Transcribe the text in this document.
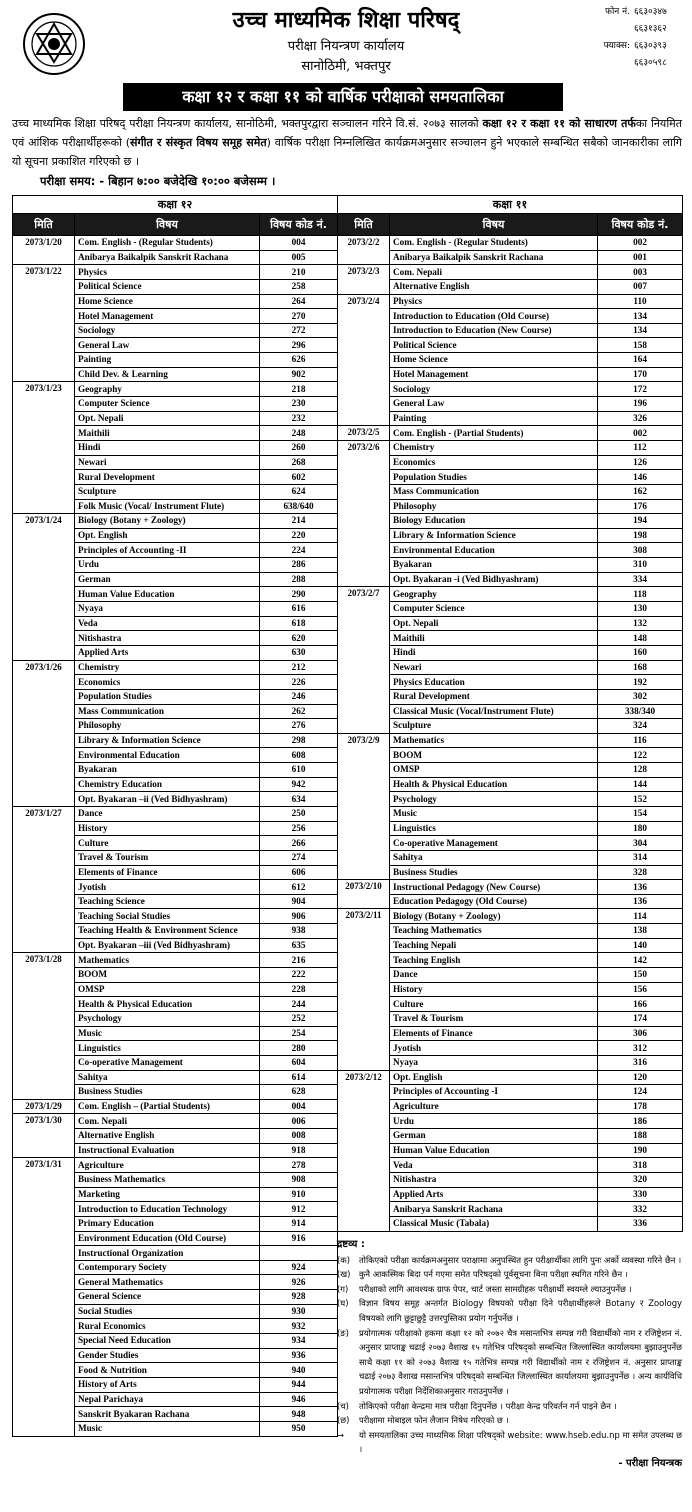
उच्च माध्यमिक शिक्षा परिषद्
परीक्षा नियन्त्रण कार्यालय
सानोठिमी, भक्तपुर
फोन नं. ६६३०३४७
६६३१३६२
फ्याक्स: ६६३०३९३
६६३०५९८
कक्षा १२ र कक्षा ११ को वार्षिक परीक्षाको समयतालिका
उच्च माध्यमिक शिक्षा परिषद् परीक्षा नियन्त्रण कार्यालय, सानोठिमी, भक्तपुरद्वारा सञ्चालन गरिने वि.सं. २०७३ सालको कक्षा १२ र कक्षा ११ को साधारण तर्फका नियमित एवं आंशिक परीक्षार्थीहरूको (संगीत र संस्कृत विषय समूह समेत) वार्षिक परीक्षा निम्नलिखित कार्यक्रमअनुसार सञ्चालन हुने भएकाले सम्बन्धित सबैको जानकारीका लागि यो सूचना प्रकाशित गरिएको छ ।
परीक्षा समय: - बिहान ७:०० बजेदेखि १०:०० बजेसम्म ।
कक्षा १२		
मिति	विषय	विषय कोड नं.
2073/1/20	Com. English - (Regular Students)	004
	Anibarya Baikalpik Sanskrit Rachana	005
2073/1/22	Physics	210
	Political Science	258
	Home Science	264
	Hotel Management	270
	Sociology	272
	General Law	296
	Painting	626
	Child Dev. & Learning	902
2073/1/23	Geography	218
	Computer Science	230
	Opt. Nepali	232
	Maithili	248
	Hindi	260
	Newari	268
	Rural Development	602
	Sculpture	624
	Folk Music (Vocal/ Instrument Flute)	638/640
2073/1/24	Biology (Botany + Zoology)	214
	Opt. English	220
	Principles of Accounting -II	224
	Urdu	286
	German	288
	Human Value Education	290
	Nyaya	616
	Veda	618
	Nitishastra	620
	Applied Arts	630
2073/1/26	Chemistry	212
	Economics	226
	Population Studies	246
	Mass Communication	262
	Philosophy	276
	Library & Information Science	298
	Environmental Education	608
	Byakaran	610
	Chemistry Education	942
	Opt. Byakaran –ii (Ved Bidhyashram)	634
2073/1/27	Dance	250
	History	256
	Culture	266
	Travel & Tourism	274
	Elements of Finance	606
	Jyotish	612
	Teaching Science	904
	Teaching Social Studies	906
	Teaching Health & Environment Science	938
	Opt. Byakaran –iii (Ved Bidhyashram)	635
2073/1/28	Mathematics	216
	BOOM	222
	OMSP	228
	Health & Physical Education	244
	Psychology	252
	Music	254
	Linguistics	280
	Co-operative Management	604
	Sahitya	614
	Business Studies	628
2073/1/29	Com. English – (Partial Students)	004
2073/1/30	Com. Nepali	006
	Alternative English	008
	Instructional Evaluation	918
2073/1/31	Agriculture	278
	Business Mathematics	908
	Marketing	910
	Introduction to Education Technology	912
	Primary Education	914
	Environment Education (Old Course)	916
	Instructional Organization	
	Contemporary Society	924
	General Mathematics	926
	General Science	928
	Social Studies	930
	Rural Economics	932
	Special Need Education	934
	Gender Studies	936
	Food & Nutrition	940
	History of Arts	944
	Nepal Parichaya	946
	Sanskrit Byakaran Rachana	948
	Music	950
कक्षा ११		
मिति	विषय	विषय कोड नं.
2073/2/2	Com. English - (Regular Students)	002
	Anibarya Baikalpik Sanskrit Rachana	001
2073/2/3	Com. Nepali	003
	Alternative English	007
2073/2/4	Physics	110
	Introduction to Education (Old Course)	134
	Introduction to Education (New Course)	134
	Political Science	158
	Home Science	164
	Hotel Management	170
	Sociology	172
	General Law	196
	Painting	326
2073/2/5	Com. English - (Partial Students)	002
2073/2/6	Chemistry	112
	Economics	126
	Population Studies	146
	Mass Communication	162
	Philosophy	176
	Biology Education	194
	Library & Information Science	198
	Environmental Education	308
	Byakaran	310
	Opt. Byakaran -i (Ved Bidhyashram)	334
2073/2/7	Geography	118
	Computer Science	130
	Opt. Nepali	132
	Maithili	148
	Hindi	160
	Newari	168
	Physics Education	192
	Rural Development	302
	Classical Music (Vocal/Instrument Flute)	338/340
	Sculpture	324
2073/2/9	Mathematics	116
	BOOM	122
	OMSP	128
	Health & Physical Education	144
	Psychology	152
	Music	154
	Linguistics	180
	Co-operative Management	304
	Sahitya	314
	Business Studies	328
2073/2/10	Instructional Pedagogy (New Course)	136
	Education Pedagogy (Old Course)	136
2073/2/11	Biology (Botany + Zoology)	114
	Teaching Mathematics	138
	Teaching Nepali	140
	Teaching English	142
	Dance	150
	History	156
	Culture	166
	Travel & Tourism	174
	Elements of Finance	306
	Jyotish	312
	Nyaya	316
2073/2/12	Opt. English	120
	Principles of Accounting -I	124
	Agriculture	178
	Urdu	186
	German	188
	Human Value Education	190
	Veda	318
	Nitishastra	320
	Applied Arts	330
	Anibarya Sanskrit Rachana	332
	Classical Music (Tabala)	336
द्रष्टव्य :
(क)	तोकिएको परीक्षा कार्यक्रमअनुसार पराक्षामा अनुपस्थित हुन परीक्षार्थीका लागि पुनः अर्को व्यवस्था गरिने छैन ।
(ख)	कुनै आकस्मिक बिदा पर्न गएमा समेत परिषद्को पूर्वसूचना बिना परीक्षा स्थगित गरिने छैन ।
(ग)	परीक्षाको लागि आवश्यक ग्राफ पेपर, चार्ट जस्ता सामग्रीहरू परीक्षार्थी स्वयम्ले ल्याउनुपर्नेछ ।
(घ)	विज्ञान विषय समूह अन्तर्गत Biology विषयको परीक्षा दिने परीक्षार्थीहरूले Botany र Zoology विषयको लागि छुट्टाछुट्टै उत्तरपुस्तिका प्रयोग गर्नुपर्नेछ ।
(ङ)	प्रयोगात्मक परीक्षाको हकमा कक्षा १२ को २०७२ चैत्र मसान्तभित्र सम्पन्न गरी विद्यार्थीको नाम र रजिष्ट्रेशन नं. अनुसार प्राप्ताङ्क चढाई २०७३ वैशाख १५ गतेभित्र परिषद्को सम्बन्धित जिल्लास्थित कार्यालयमा बुझाउनुपर्नेछ साथै कक्षा ११ को २०७३ वैशाख १५ गतेभित्र सम्पन्न गरी विद्यार्थीको नाम र रजिष्ट्रेशन नं. अनुसार प्राप्ताङ्क चढाई २०७३ वैशाख मसान्तभित्र परिषद्को सम्बन्धित जिल्लास्थित कार्यालयमा बुझाउनुपर्नेछ । अन्य कार्यविधि प्रयोगात्मक परीक्षा निर्देशिकाअनुसार गराउनुपर्नेछ ।
(च)	तोकिएको परीक्षा केन्द्रमा मात्र परीक्षा दिनुपर्नेछ । परीक्षा केन्द्र परिवर्तन गर्न पाइने छैन ।
(छ)	परीक्षामा मोबाइल फोन लैजान निषेध गरिएको छ ।
→	यो समयतालिका उच्च माध्यमिक शिक्षा परिषद्को website: www.hseb.edu.np मा समेत उपलब्ध छ ।
- परीक्षा नियन्त्रक
